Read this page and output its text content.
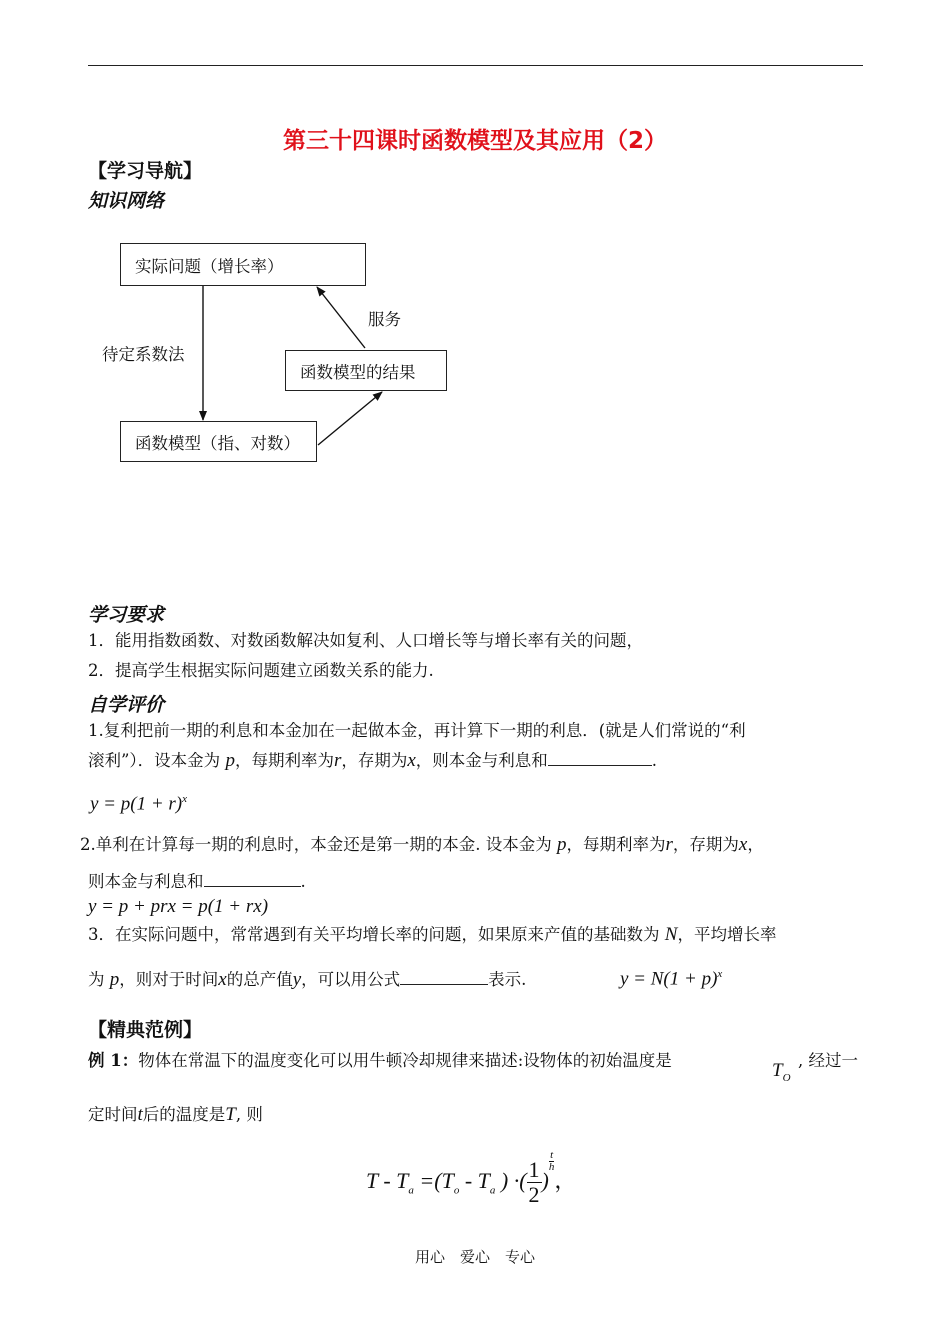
第三十四课时函数模型及其应用（2）
【学习导航】
知识网络
实际问题（增长率）
函数模型的结果
函数模型（指、对数）
服务
待定系数法
学习要求
1．能用指数函数、对数函数解决如复利、人口增长等与增长率有关的问题，
2．提高学生根据实际问题建立函数关系的能力.
自学评价
1.复利把前一期的利息和本金加在一起做本金，再计算下一期的利息．(就是人们常说的“利
滚利”）．设本金为 p，每期利率为r，存期为x，则本金与利息和	.
$y = p(1 + r)^x$
2.单利在计算每一期的利息时，本金还是第一期的本金. 设本金为 p，每期利率为r，存期为x，
则本金与利息和	.
y = p + prx = p(1 + rx)
3．在实际问题中，常常遇到有关平均增长率的问题，如果原来产值的基础数为 N，平均增长率
为 p，则对于时间x的总产值y，可以用公式	表示.	$y = N(1 + p)^x$
【精典范例】
例 1：物体在常温下的温度变化可以用牛顿冷却规律来描述:设物体的初始温度是	$T_O$
, 经过一
定时间t后的温度是T, 则
$T - T_a =(T_o - T_a$ ) ·( $\frac{1}{2}$ )
$^{\frac{t}{h}}$
，
用心　爱心　专心
